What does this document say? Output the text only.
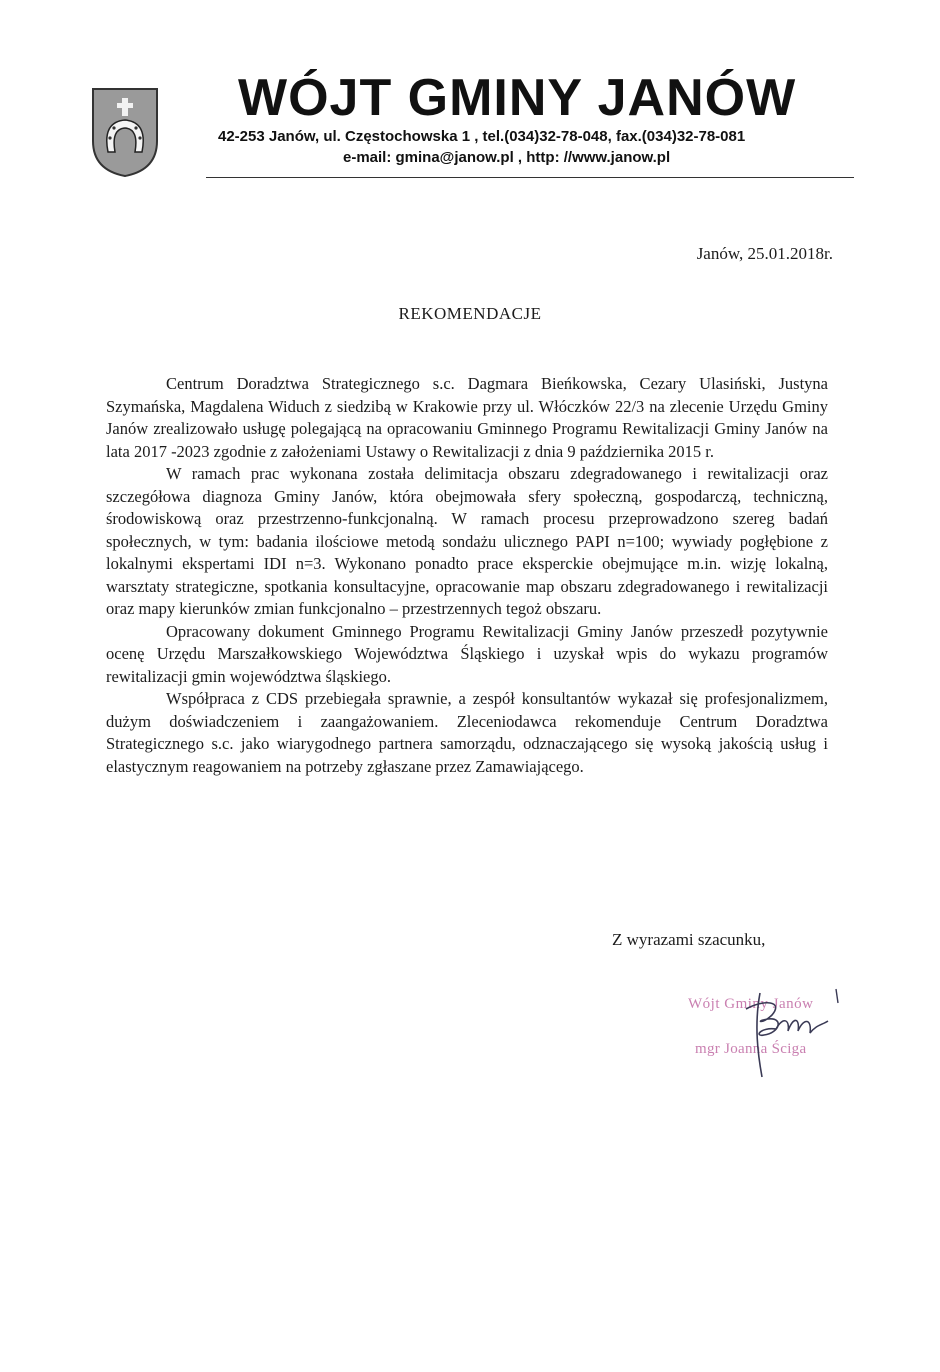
WÓJT GMINY JANÓW
42-253 Janów, ul. Częstochowska 1 , tel.(034)32-78-048, fax.(034)32-78-081
e-mail: gmina@janow.pl , http: //www.janow.pl
Janów, 25.01.2018r.
REKOMENDACJE

Centrum Doradztwa Strategicznego s.c. Dagmara Bieńkowska, Cezary Ulasiński, Justyna Szymańska, Magdalena Widuch z siedzibą w Krakowie przy ul. Włóczków 22/3 na zlecenie Urzędu Gminy Janów zrealizowało usługę polegającą na opracowaniu Gminnego Programu Rewitalizacji Gminy Janów na lata 2017 -2023 zgodnie z założeniami Ustawy o Rewitalizacji z dnia 9 października 2015 r.

W ramach prac wykonana została delimitacja obszaru zdegradowanego i rewitalizacji oraz szczegółowa diagnoza Gminy Janów, która obejmowała sfery społeczną, gospodarczą, techniczną, środowiskową oraz przestrzenno-funkcjonalną. W ramach procesu przeprowadzono szereg badań społecznych, w tym: badania ilościowe metodą sondażu ulicznego PAPI n=100; wywiady pogłębione z lokalnymi ekspertami IDI n=3. Wykonano ponadto prace eksperckie obejmujące m.in. wizję lokalną, warsztaty strategiczne, spotkania konsultacyjne, opracowanie map obszaru zdegradowanego i rewitalizacji oraz mapy kierunków zmian funkcjonalno – przestrzennych tegoż obszaru.

Opracowany dokument Gminnego Programu Rewitalizacji Gminy Janów przeszedł pozytywnie ocenę Urzędu Marszałkowskiego Województwa Śląskiego i uzyskał wpis do wykazu programów rewitalizacji gmin województwa śląskiego.

Współpraca z CDS przebiegała sprawnie, a zespół konsultantów wykazał się profesjonalizmem, dużym doświadczeniem i zaangażowaniem. Zleceniodawca rekomenduje Centrum Doradztwa Strategicznego s.c. jako wiarygodnego partnera samorządu, odznaczającego się wysoką jakością usług i elastycznym reagowaniem na potrzeby zgłaszane przez Zamawiającego.

Z wyrazami szacunku,
Wójt Gminy Janów
mgr Joanna Ściga
